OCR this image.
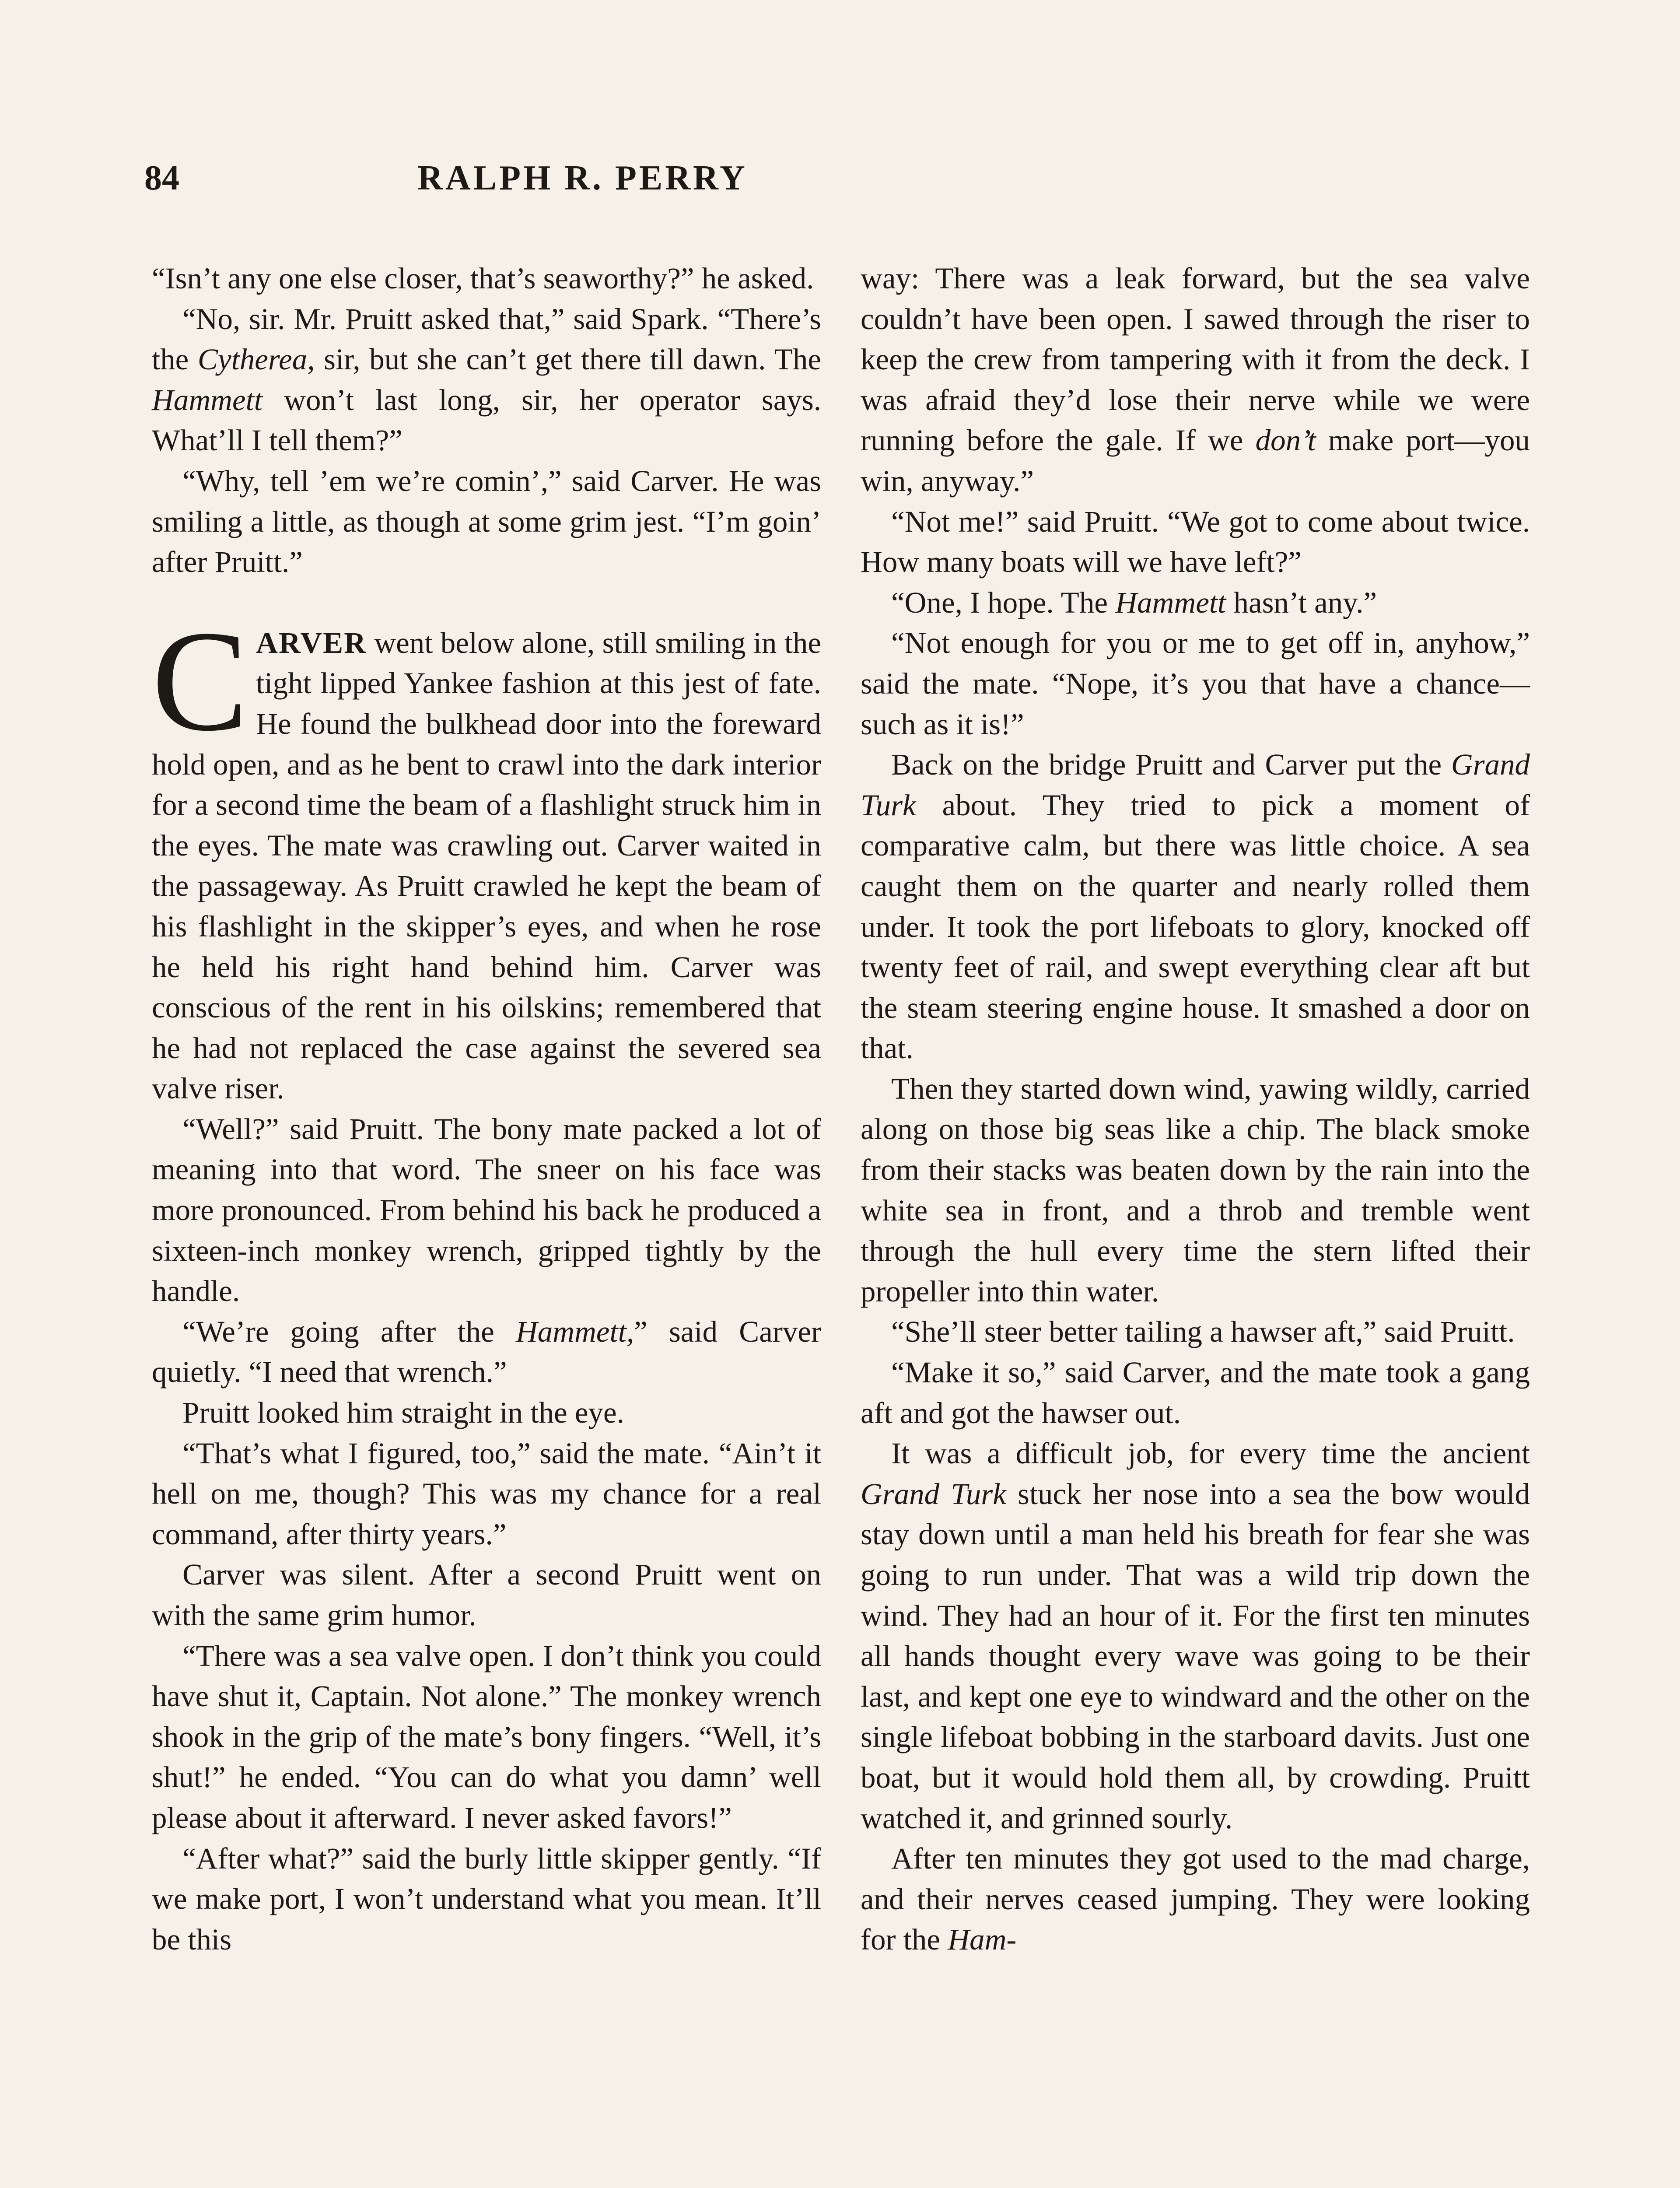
84	RALPH R. PERRY

“Isn’t any one else closer, that’s seaworthy?” he asked.

“No, sir. Mr. Pruitt asked that,” said Spark. “There’s the Cytherea, sir, but she can’t get there till dawn. The Hammett won’t last long, sir, her operator says. What’ll I tell them?”

“Why, tell ’em we’re comin’,” said Carver. He was smiling a little, as though at some grim jest. “I’m goin’ after Pruitt.”

CARVER went below alone, still smiling in the tight lipped Yankee fashion at this jest of fate. He found the bulkhead door into the foreward hold open, and as he bent to crawl into the dark interior for a second time the beam of a flashlight struck him in the eyes. The mate was crawling out. Carver waited in the passageway. As Pruitt crawled he kept the beam of his flashlight in the skipper’s eyes, and when he rose he held his right hand behind him. Carver was conscious of the rent in his oilskins; remembered that he had not replaced the case against the severed sea valve riser.

“Well?” said Pruitt. The bony mate packed a lot of meaning into that word. The sneer on his face was more pronounced. From behind his back he produced a sixteen-inch monkey wrench, gripped tightly by the handle.

“We’re going after the Hammett,” said Carver quietly. “I need that wrench.”

Pruitt looked him straight in the eye.

“That’s what I figured, too,” said the mate. “Ain’t it hell on me, though? This was my chance for a real command, after thirty years.”

Carver was silent. After a second Pruitt went on with the same grim humor.

“There was a sea valve open. I don’t think you could have shut it, Captain. Not alone.” The monkey wrench shook in the grip of the mate’s bony fingers. “Well, it’s shut!” he ended. “You can do what you damn’ well please about it afterward. I never asked favors!”

“After what?” said the burly little skipper gently. “If we make port, I won’t understand what you mean. It’ll be this

way: There was a leak forward, but the sea valve couldn’t have been open. I sawed through the riser to keep the crew from tampering with it from the deck. I was afraid they’d lose their nerve while we were running before the gale. If we don’t make port—you win, anyway.”

“Not me!” said Pruitt. “We got to come about twice. How many boats will we have left?”

“One, I hope. The Hammett hasn’t any.”

“Not enough for you or me to get off in, anyhow,” said the mate. “Nope, it’s you that have a chance—such as it is!”

Back on the bridge Pruitt and Carver put the Grand Turk about. They tried to pick a moment of comparative calm, but there was little choice. A sea caught them on the quarter and nearly rolled them under. It took the port lifeboats to glory, knocked off twenty feet of rail, and swept everything clear aft but the steam steering engine house. It smashed a door on that.

Then they started down wind, yawing wildly, carried along on those big seas like a chip. The black smoke from their stacks was beaten down by the rain into the white sea in front, and a throb and tremble went through the hull every time the stern lifted their propeller into thin water.

“She’ll steer better tailing a hawser aft,” said Pruitt.

“Make it so,” said Carver, and the mate took a gang aft and got the hawser out.

It was a difficult job, for every time the ancient Grand Turk stuck her nose into a sea the bow would stay down until a man held his breath for fear she was going to run under. That was a wild trip down the wind. They had an hour of it. For the first ten minutes all hands thought every wave was going to be their last, and kept one eye to windward and the other on the single lifeboat bobbing in the starboard davits. Just one boat, but it would hold them all, by crowding. Pruitt watched it, and grinned sourly.

After ten minutes they got used to the mad charge, and their nerves ceased jumping. They were looking for the Ham-
